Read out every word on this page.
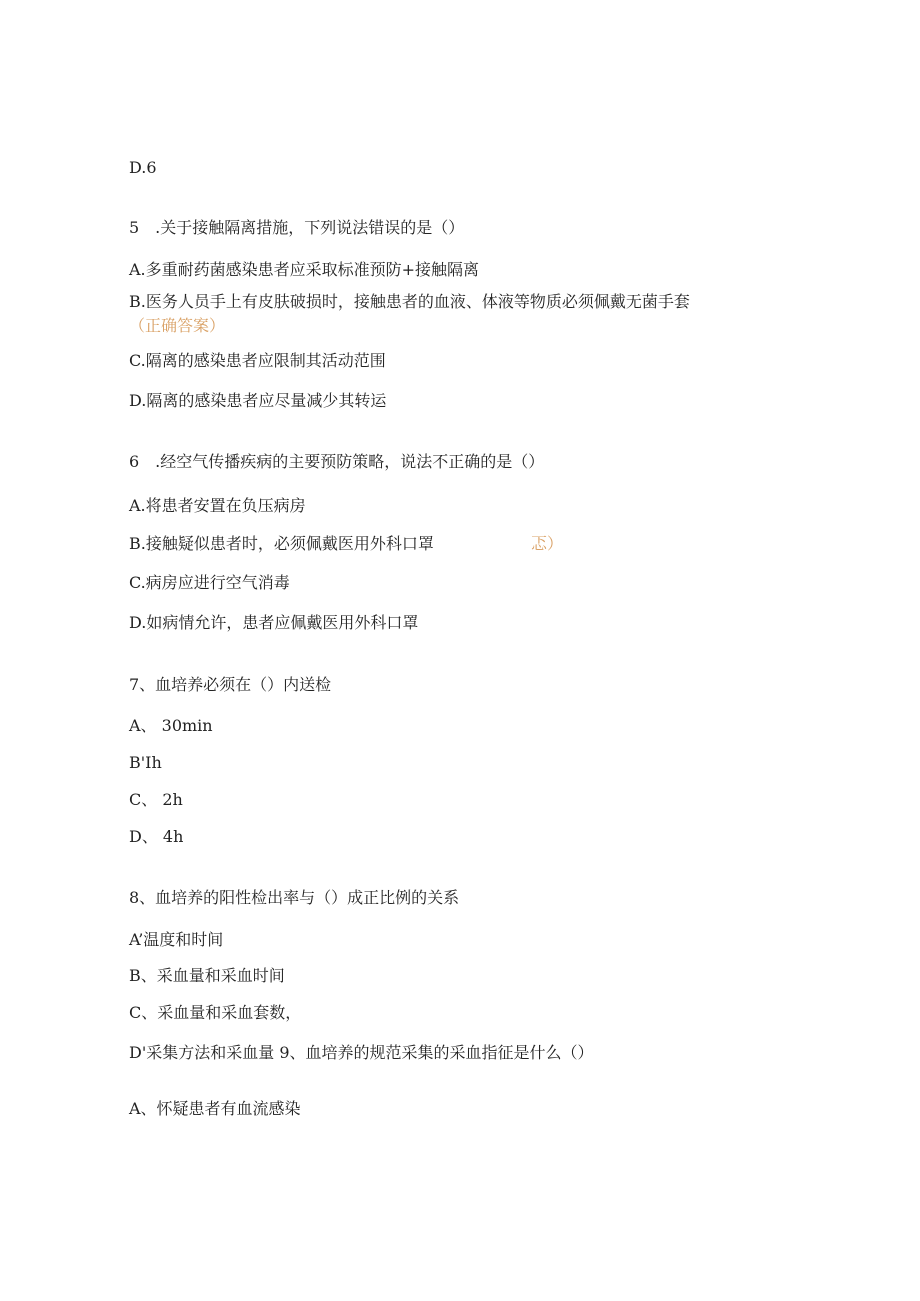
D.6
5　.关于接触隔离措施，下列说法错误的是（）
A.多重耐药菌感染患者应采取标准预防+接触隔离
B.医务人员手上有皮肤破损时，接触患者的血液、体液等物质必须佩戴无菌手套（正确答案）
C.隔离的感染患者应限制其活动范围
D.隔离的感染患者应尽量减少其转运
6　.经空气传播疾病的主要预防策略，说法不正确的是（）
A.将患者安置在负压病房
B.接触疑似患者时，必须佩戴医用外科口罩	忑）
C.病房应进行空气消毒
D.如病情允许，患者应佩戴医用外科口罩
7、血培养必须在（）内送检
A、 30min
B'Ih
C、 2h
D、 4h
8、血培养的阳性检出率与（）成正比例的关系
A’温度和时间
B、采血量和采血时间
C、采血量和采血套数，
D'采集方法和采血量 9、血培养的规范采集的采血指征是什么（）
A、怀疑患者有血流感染
